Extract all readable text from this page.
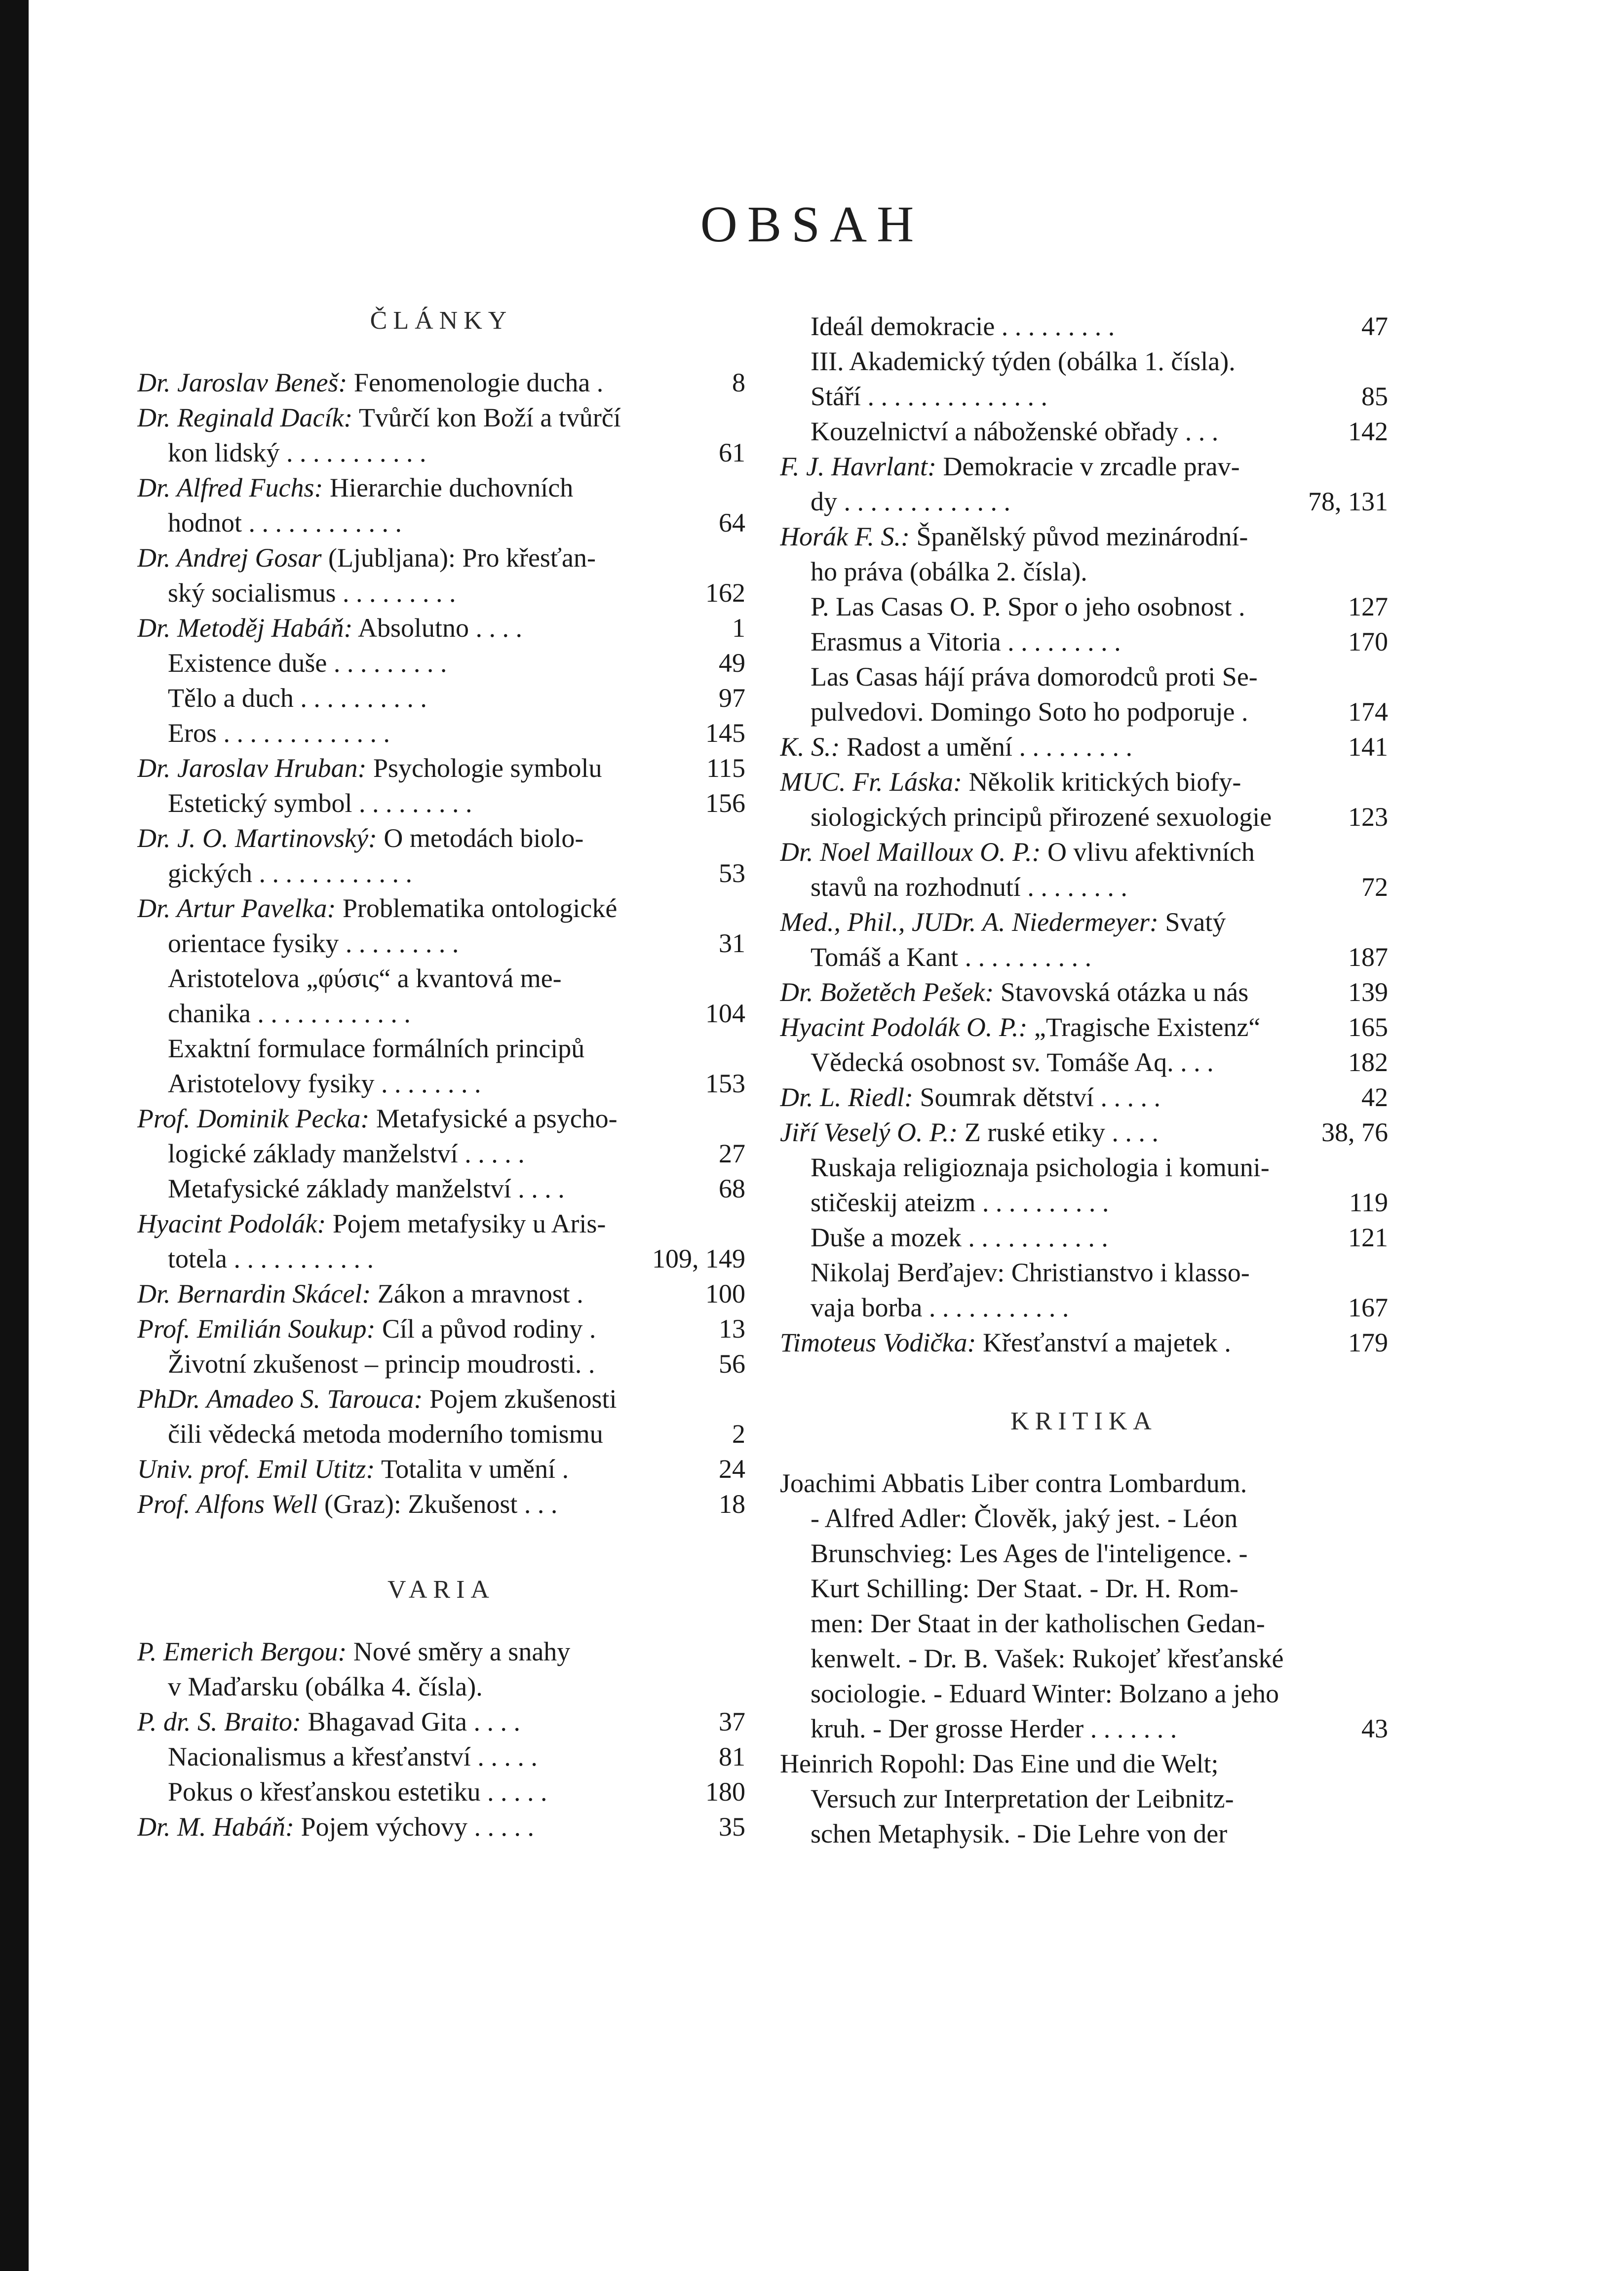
OBSAH
ČLÁNKY
Dr. Jaroslav Beneš: Fenomenologie ducha .	8
Dr. Reginald Dacík: Tvůrčí kon Boží a tvůrčí
kon lidský . . . . . . . . . . .	61
Dr. Alfred Fuchs: Hierarchie duchovních
hodnot . . . . . . . . . . . .	64
Dr. Andrej Gosar (Ljubljana): Pro křesťan-
ský socialismus . . . . . . . . .	162
Dr. Metoděj Habáň: Absolutno . . . .	1
Existence duše . . . . . . . . .	49
Tělo a duch . . . . . . . . . .	97
Eros . . . . . . . . . . . . .	145
Dr. Jaroslav Hruban: Psychologie symbolu	115
Estetický symbol . . . . . . . . .	156
Dr. J. O. Martinovský: O metodách biolo-
gických . . . . . . . . . . . .	53
Dr. Artur Pavelka: Problematika ontologické
orientace fysiky . . . . . . . . .	31
Aristotelova „φύσις“ a kvantová me-
chanika . . . . . . . . . . . .	104
Exaktní formulace formálních principů
Aristotelovy fysiky . . . . . . . .	153
Prof. Dominik Pecka: Metafysické a psycho-
logické základy manželství . . . . .	27
Metafysické základy manželství . . . .	68
Hyacint Podolák: Pojem metafysiky u Aris-
totela . . . . . . . . . . .	109, 149
Dr. Bernardin Skácel: Zákon a mravnost .	100
Prof. Emilián Soukup: Cíl a původ rodiny .	13
Životní zkušenost – princip moudrosti. .	56
PhDr. Amadeo S. Tarouca: Pojem zkušenosti
čili vědecká metoda moderního tomismu	2
Univ. prof. Emil Utitz: Totalita v umění .	24
Prof. Alfons Well (Graz): Zkušenost . . .	18
VARIA
P. Emerich Bergou: Nové směry a snahy
v Maďarsku (obálka 4. čísla).
P. dr. S. Braito: Bhagavad Gita . . . .	37
Nacionalismus a křesťanství . . . . .	81
Pokus o křesťanskou estetiku . . . . .	180
Dr. M. Habáň: Pojem výchovy . . . . .	35
Ideál demokracie . . . . . . . . .	47
III. Akademický týden (obálka 1. čísla).
Stáří . . . . . . . . . . . . . .	85
Kouzelnictví a náboženské obřady . . .	142
F. J. Havrlant: Demokracie v zrcadle prav-
dy . . . . . . . . . . . . .	78, 131
Horák F. S.: Španělský původ mezinárodní-
ho práva (obálka 2. čísla).
P. Las Casas O. P. Spor o jeho osobnost .	127
Erasmus a Vitoria . . . . . . . . .	170
Las Casas hájí práva domorodců proti Se-
pulvedovi. Domingo Soto ho podporuje .	174
K. S.: Radost a umění . . . . . . . . .	141
MUC. Fr. Láska: Několik kritických biofy-
siologických principů přirozené sexuologie	123
Dr. Noel Mailloux O. P.: O vlivu afektivních
stavů na rozhodnutí . . . . . . . .	72
Med., Phil., JUDr. A. Niedermeyer: Svatý
Tomáš a Kant . . . . . . . . . .	187
Dr. Božetěch Pešek: Stavovská otázka u nás	139
Hyacint Podolák O. P.: „Tragische Existenz“	165
Vědecká osobnost sv. Tomáše Aq. . . .	182
Dr. L. Riedl: Soumrak dětství . . . . .	42
Jiří Veselý O. P.: Z ruské etiky . . . .	38, 76
Ruskaja religioznaja psichologia i komuni-
stičeskij ateizm . . . . . . . . . .	119
Duše a mozek . . . . . . . . . . .	121
Nikolaj Berďajev: Christianstvo i klasso-
vaja borba . . . . . . . . . . .	167
Timoteus Vodička: Křesťanství a majetek .	179
KRITIKA
Joachimi Abbatis Liber contra Lombardum.
- Alfred Adler: Člověk, jaký jest. - Léon
Brunschvieg: Les Ages de l'inteligence. -
Kurt Schilling: Der Staat. - Dr. H. Rom-
men: Der Staat in der katholischen Gedan-
kenwelt. - Dr. B. Vašek: Rukojeť křesťanské
sociologie. - Eduard Winter: Bolzano a jeho
kruh. - Der grosse Herder . . . . . . .	43
Heinrich Ropohl: Das Eine und die Welt;
Versuch zur Interpretation der Leibnitz-
schen Metaphysik. - Die Lehre von der
